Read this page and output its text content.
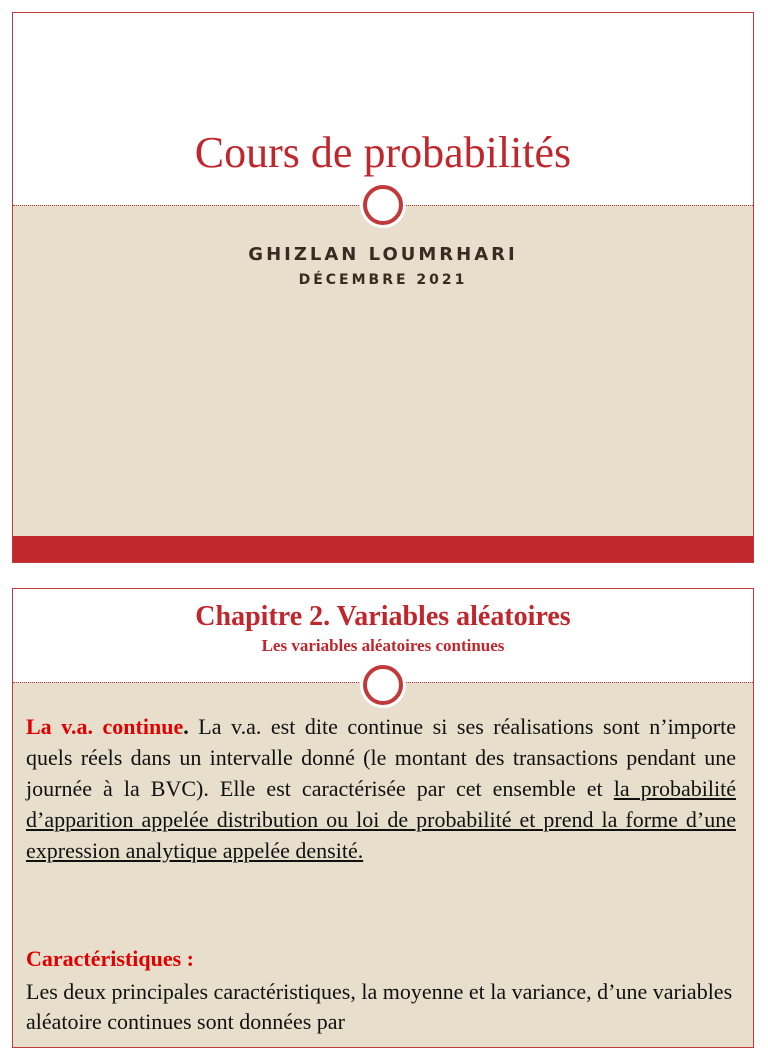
Cours de probabilités

GHIZLAN LOUMRHARI

DÉCEMBRE 2021

Chapitre 2. Variables aléatoires

Les variables aléatoires continues

La v.a. continue. La v.a. est dite continue si ses réalisations sont n’importe quels réels dans un intervalle donné (le montant des transactions pendant une journée à la BVC). Elle est caractérisée par cet ensemble et la probabilité d’apparition appelée distribution ou loi de probabilité et prend la forme d’une expression analytique appelée densité.

Caractéristiques :

Les deux principales caractéristiques, la moyenne et la variance, d’une variables aléatoire continues sont données par
